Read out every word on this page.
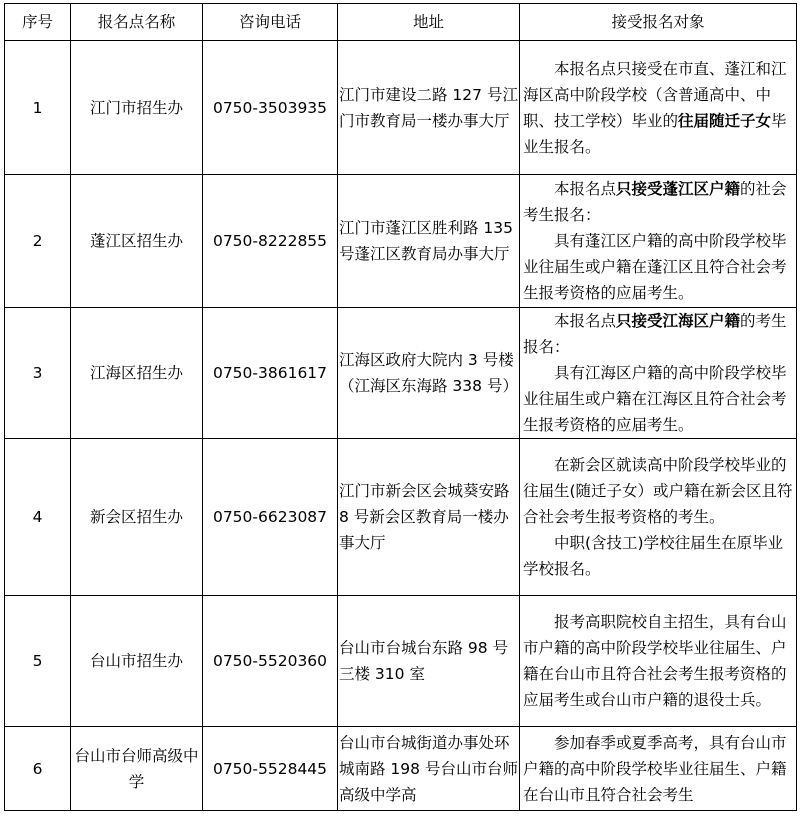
序号	报名点名称	咨询电话	地址	接受报名对象
1	江门市招生办	0750-3503935	江门市建设二路 127 号江门市教育局一楼办事大厅	本报名点只接受在市直、蓬江和江海区高中阶段学校（含普通高中、中职、技工学校）毕业的往届随迁子女毕业生报名。

2	蓬江区招生办	0750-8222855	江门市蓬江区胜利路 135 号蓬江区教育局办事大厅	本报名点只接受蓬江区户籍的社会考生报名：

具有蓬江区户籍的高中阶段学校毕业往届生或户籍在蓬江区且符合社会考生报考资格的应届考生。

3	江海区招生办	0750-3861617	江海区政府大院内 3 号楼（江海区东海路 338 号）	本报名点只接受江海区户籍的考生报名：

具有江海区户籍的高中阶段学校毕业往届生或户籍在江海区且符合社会考生报考资格的应届考生。

4	新会区招生办	0750-6623087	江门市新会区会城葵安路 8 号新会区教育局一楼办事大厅	在新会区就读高中阶段学校毕业的往届生(随迁子女）或户籍在新会区且符合社会考生报考资格的考生。

中职(含技工)学校往届生在原毕业学校报名。

5	台山市招生办	0750-5520360	台山市台城台东路 98 号三楼 310 室	报考高职院校自主招生，具有台山市户籍的高中阶段学校毕业往届生、户籍在台山市且符合社会考生报考资格的应届考生或台山市户籍的退役士兵。

6	台山市台师高级中学	0750-5528445	台山市台城街道办事处环城南路 198 号台山市台师高级中学高	参加春季或夏季高考，具有台山市户籍的高中阶段学校毕业往届生、户籍在台山市且符合社会考生
